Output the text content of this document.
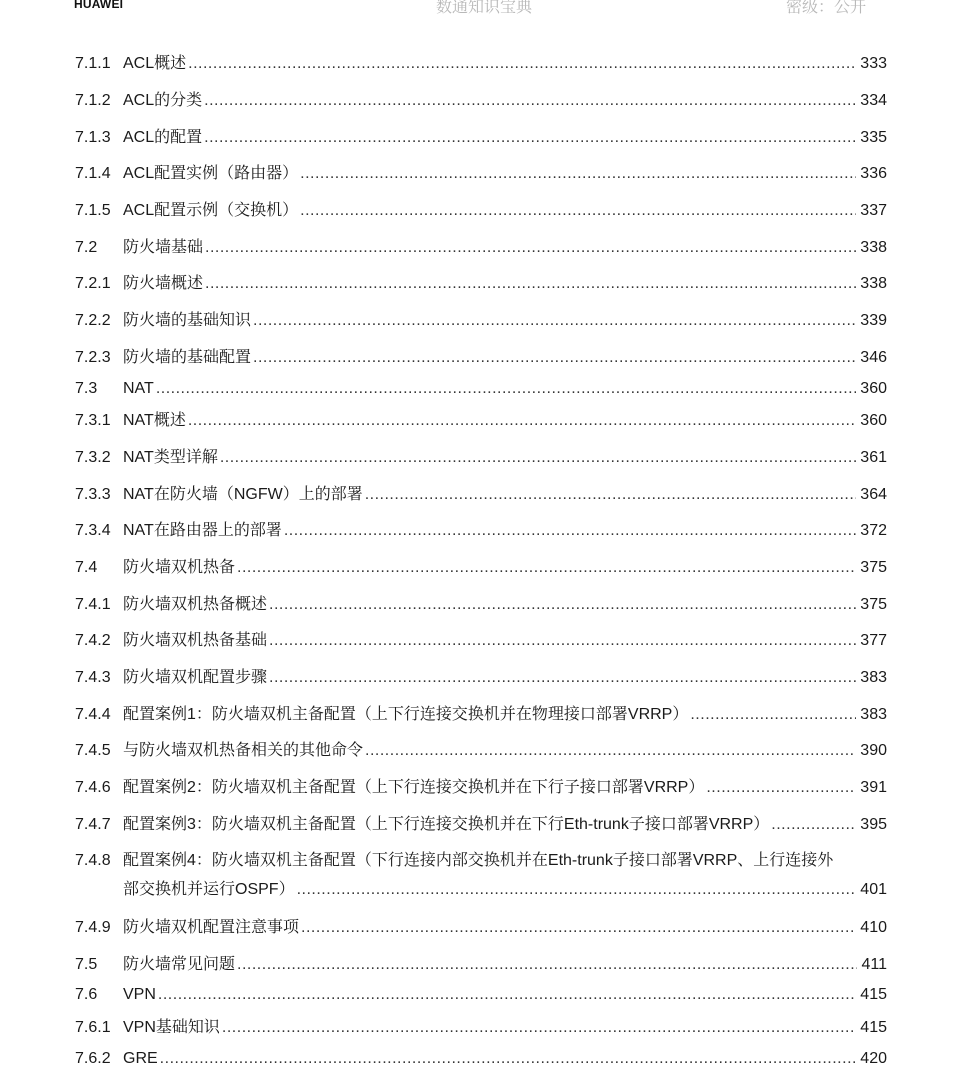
HUAWEI	数通知识宝典	密级：公开
7.1.1 ACL概述 .....	333
7.1.2 ACL的分类 .....	334
7.1.3 ACL的配置 .....	335
7.1.4 ACL配置实例（路由器） .....	336
7.1.5 ACL配置示例（交换机） .....	337
7.2	防火墙基础 .....	338
7.2.1 防火墙概述 .....	338
7.2.2 防火墙的基础知识 .....	339
7.2.3 防火墙的基础配置 .....	346
7.3	NAT .....	360
7.3.1 NAT概述 .....	360
7.3.2 NAT类型详解 .....	361
7.3.3 NAT在防火墙（NGFW）上的部署 .....	364
7.3.4 NAT在路由器上的部署 .....	372
7.4	防火墙双机热备 .....	375
7.4.1 防火墙双机热备概述 .....	375
7.4.2 防火墙双机热备基础 .....	377
7.4.3 防火墙双机配置步骤 .....	383
7.4.4 配置案例1：防火墙双机主备配置（上下行连接交换机并在物理接口部署VRRP） .....	383
7.4.5 与防火墙双机热备相关的其他命令 .....	390
7.4.6 配置案例2：防火墙双机主备配置（上下行连接交换机并在下行子接口部署VRRP） .....	391
7.4.7 配置案例3：防火墙双机主备配置（上下行连接交换机并在下行Eth-trunk子接口部署VRRP） .....	395
7.4.8 配置案例4：防火墙双机主备配置（下行连接内部交换机并在Eth-trunk子接口部署VRRP、上行连接外
部交换机并运行OSPF） .....	401
7.4.9 防火墙双机配置注意事项 .....	410
7.5	防火墙常见问题 .....	411
7.6	VPN .....	415
7.6.1 VPN基础知识 .....	415
7.6.2 GRE .....	420
